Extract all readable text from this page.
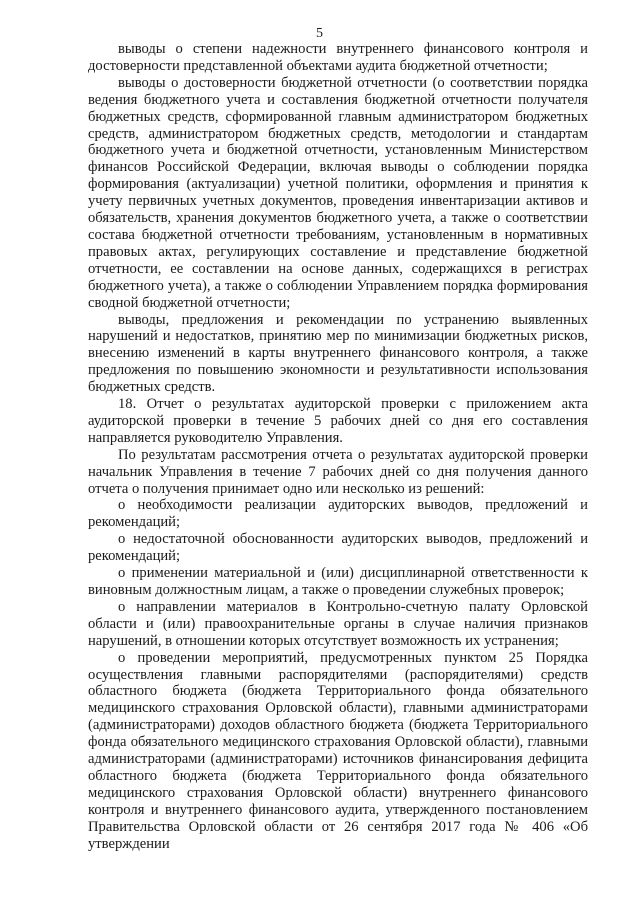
5

выводы о степени надежности внутреннего финансового контроля и достоверности представленной объектами аудита бюджетной отчетности;

выводы о достоверности бюджетной отчетности (о соответствии порядка ведения бюджетного учета и составления бюджетной отчетности получателя бюджетных средств, сформированной главным администратором бюджетных средств, администратором бюджетных средств, методологии и стандартам бюджетного учета и бюджетной отчетности, установленным Министерством финансов Российской Федерации, включая выводы о соблюдении порядка формирования (актуализации) учетной политики, оформления и принятия к учету первичных учетных документов, проведения инвентаризации активов и обязательств, хранения документов бюджетного учета, а также о соответствии состава бюджетной отчетности требованиям, установленным в нормативных правовых актах, регулирующих составление и представление бюджетной отчетности, ее составлении на основе данных, содержащихся в регистрах бюджетного учета), а также о соблюдении Управлением порядка формирования сводной бюджетной отчетности;

выводы, предложения и рекомендации по устранению выявленных нарушений и недостатков, принятию мер по минимизации бюджетных рисков, внесению изменений в карты внутреннего финансового контроля, а также предложения по повышению экономности и результативности использования бюджетных средств.

18. Отчет о результатах аудиторской проверки с приложением акта аудиторской проверки в течение 5 рабочих дней со дня его составления направляется руководителю Управления.

По результатам рассмотрения отчета о результатах аудиторской проверки начальник Управления в течение 7 рабочих дней со дня получения данного отчета о получения принимает одно или несколько из решений:

о необходимости реализации аудиторских выводов, предложений и рекомендаций;

о недостаточной обоснованности аудиторских выводов, предложений и рекомендаций;

о применении материальной и (или) дисциплинарной ответственности к виновным должностным лицам, а также о проведении служебных проверок;

о направлении материалов в Контрольно-счетную палату Орловской области и (или) правоохранительные органы в случае наличия признаков нарушений, в отношении которых отсутствует возможность их устранения;

о проведении мероприятий, предусмотренных пунктом 25 Порядка осуществления главными распорядителями (распорядителями) средств областного бюджета (бюджета Территориального фонда обязательного медицинского страхования Орловской области), главными администраторами (администраторами) доходов областного бюджета (бюджета Территориального фонда обязательного медицинского страхования Орловской области), главными администраторами (администраторами) источников финансирования дефицита областного бюджета (бюджета Территориального фонда обязательного медицинского страхования Орловской области) внутреннего финансового контроля и внутреннего финансового аудита, утвержденного постановлением Правительства Орловской области от 26 сентября 2017 года № 406 «Об утверждении
